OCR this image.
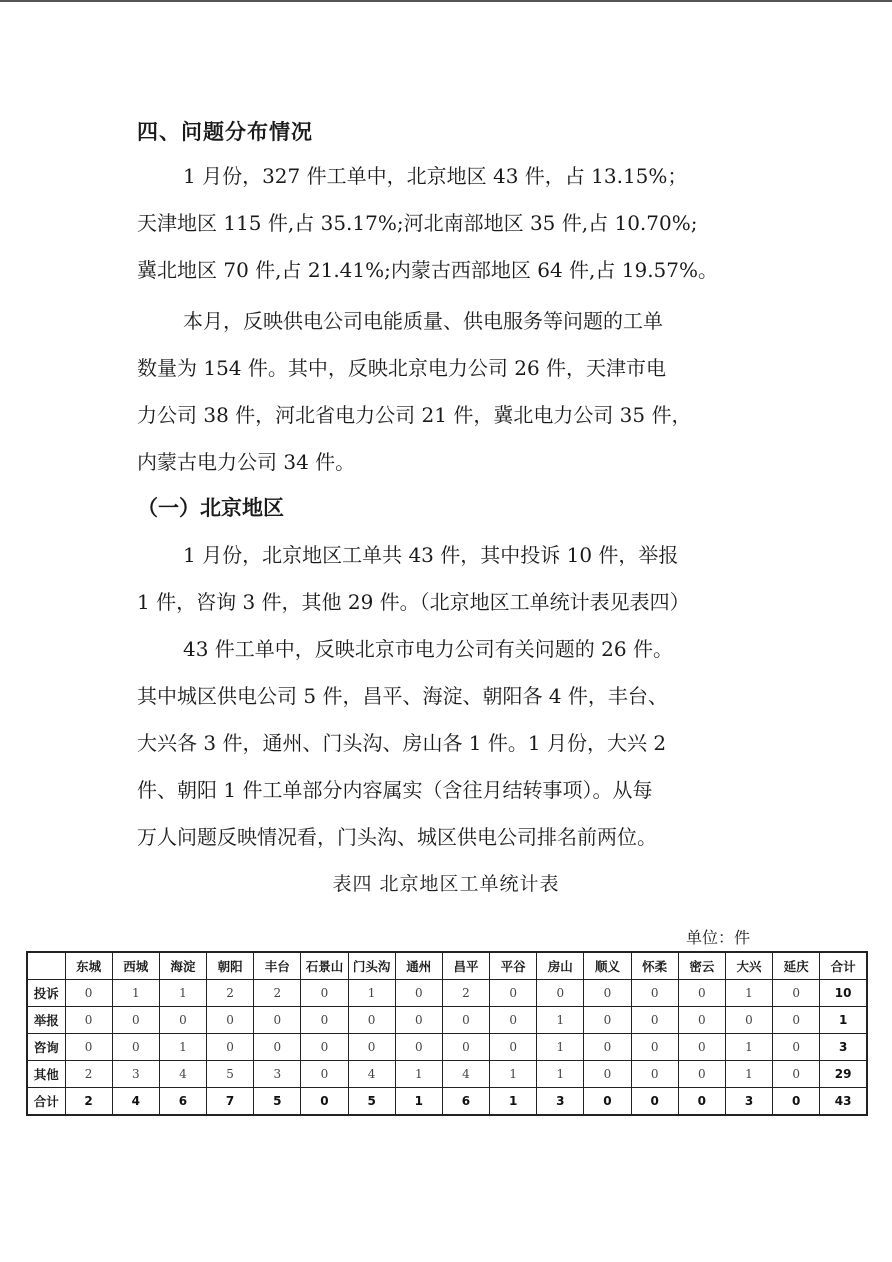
四、问题分布情况
1 月份，327 件工单中，北京地区 43 件，占 13.15%；
天津地区 115 件,占 35.17%;河北南部地区 35 件,占 10.70%;
冀北地区 70 件,占 21.41%;内蒙古西部地区 64 件,占 19.57%。
本月，反映供电公司电能质量、供电服务等问题的工单
数量为 154 件。其中，反映北京电力公司 26 件，天津市电
力公司 38 件，河北省电力公司 21 件，冀北电力公司 35 件，
内蒙古电力公司 34 件。
（一）北京地区
1 月份，北京地区工单共 43 件，其中投诉 10 件，举报
1 件，咨询 3 件，其他 29 件。（北京地区工单统计表见表四）
43 件工单中，反映北京市电力公司有关问题的 26 件。
其中城区供电公司 5 件，昌平、海淀、朝阳各 4 件，丰台、
大兴各 3 件，通州、门头沟、房山各 1 件。1 月份，大兴 2
件、朝阳 1 件工单部分内容属实（含往月结转事项）。从每
万人问题反映情况看，门头沟、城区供电公司排名前两位。
表四 北京地区工单统计表
单位：件
	东城	西城	海淀	朝阳	丰台	石景山	门头沟	通州	昌平	平谷	房山	顺义	怀柔	密云	大兴	延庆	合计
投诉	0	1	1	2	2	0	1	0	2	0	0	0	0	0	1	0	10
举报	0	0	0	0	0	0	0	0	0	0	1	0	0	0	0	0	1
咨询	0	0	1	0	0	0	0	0	0	0	1	0	0	0	1	0	3
其他	2	3	4	5	3	0	4	1	4	1	1	0	0	0	1	0	29
合计	2	4	6	7	5	0	5	1	6	1	3	0	0	0	3	0	43
